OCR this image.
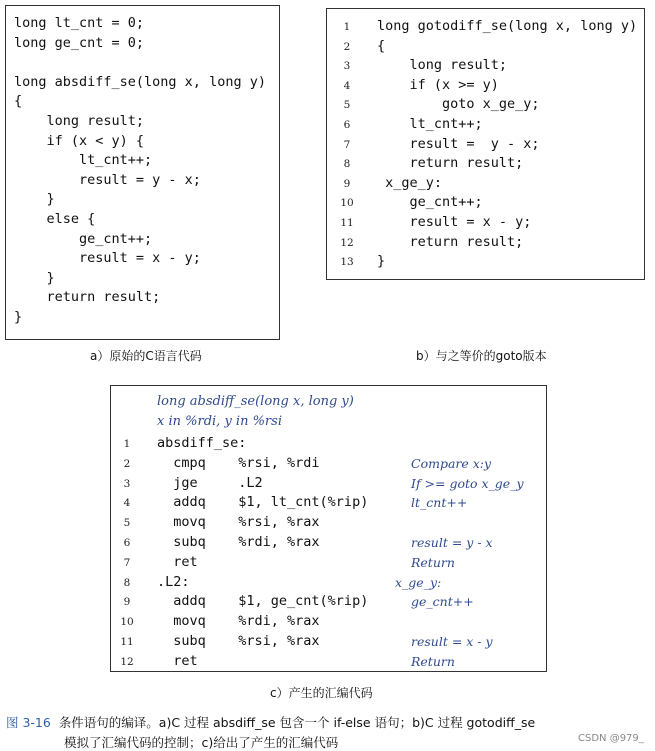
long lt_cnt = 0;
long ge_cnt = 0;
long absdiff_se(long x, long y)
{
long result;
if (x < y) {
lt_cnt++;
result = y - x;
}
else {
ge_cnt++;
result = x - y;
}
return result;
}
a）原始的C语言代码
1	long gotodiff_se(long x, long y)
2	{
3	long result;
4	if (x >= y)
5	goto x_ge_y;
6	lt_cnt++;
7	result =  y - x;
8	return result;
9	x_ge_y:
10 ge_cnt++;
11 result = x - y;
12 return result;
13 }
b）与之等价的goto版本
long absdiff_se(long x, long y)
x in %rdi, y in %rsi
1	absdiff_se:
2	cmpq    %rsi, %rdi	Compare x:y
3	jge     .L2	If >= goto x_ge_y
4	addq    $1, lt_cnt(%rip)	lt_cnt++
5	movq    %rsi, %rax
6	subq    %rdi, %rax	result = y - x
7	ret	Return
8	.L2:	x_ge_y:
9	addq    $1, ge_cnt(%rip)	ge_cnt++
10 movq    %rdi, %rax
11 subq    %rsi, %rax	result = x - y
12 ret	Return
c）产生的汇编代码
图 3-16 条件语句的编译。a)C 过程 absdiff_se 包含一个 if-else 语句；b)C 过程 gotodiff_se
模拟了汇编代码的控制；c)给出了产生的汇编代码	CSDN @979_
